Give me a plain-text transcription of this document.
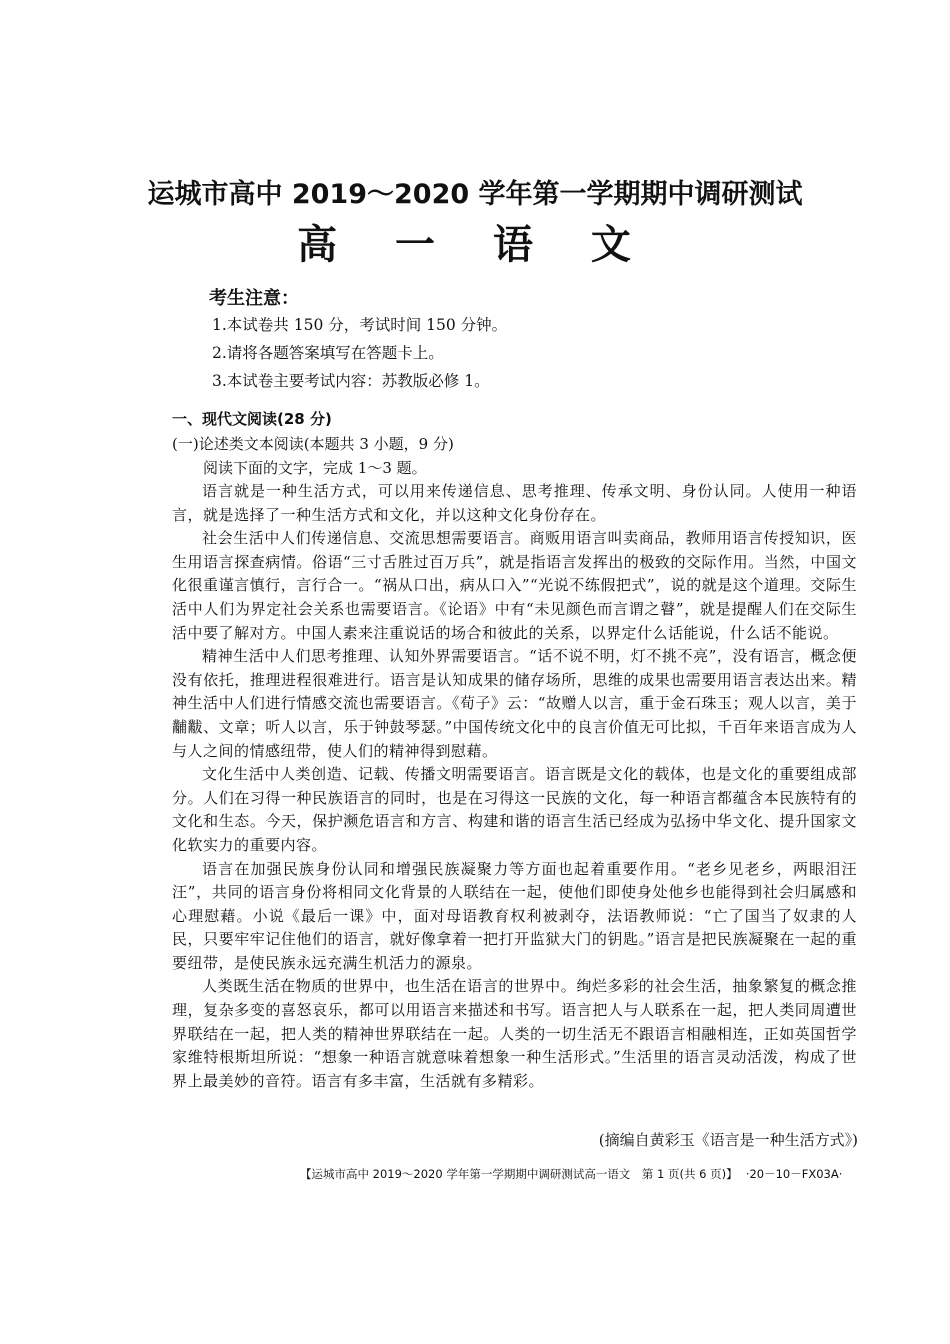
运城市高中 2019～2020 学年第一学期期中调研测试
高 一 语 文
考生注意：
1.本试卷共 150 分，考试时间 150 分钟。
2.请将各题答案填写在答题卡上。
3.本试卷主要考试内容：苏教版必修 1。
一、现代文阅读(28 分)
(一)论述类文本阅读(本题共 3 小题，9 分)
阅读下面的文字，完成 1～3 题。

语言就是一种生活方式，可以用来传递信息、思考推理、传承文明、身份认同。人使用一种语言，就是选择了一种生活方式和文化，并以这种文化身份存在。

社会生活中人们传递信息、交流思想需要语言。商贩用语言叫卖商品，教师用语言传授知识，医生用语言探查病情。俗语“三寸舌胜过百万兵”，就是指语言发挥出的极致的交际作用。当然，中国文化很重谨言慎行，言行合一。“祸从口出，病从口入”“光说不练假把式”，说的就是这个道理。交际生活中人们为界定社会关系也需要语言。《论语》中有“未见颜色而言谓之瞽”，就是提醒人们在交际生活中要了解对方。中国人素来注重说话的场合和彼此的关系，以界定什么话能说，什么话不能说。

精神生活中人们思考推理、认知外界需要语言。“话不说不明，灯不挑不亮”，没有语言，概念便没有依托，推理进程很难进行。语言是认知成果的储存场所，思维的成果也需要用语言表达出来。精神生活中人们进行情感交流也需要语言。《荀子》云：“故赠人以言，重于金石珠玉；观人以言，美于黼黻、文章；听人以言，乐于钟鼓琴瑟。”中国传统文化中的良言价值无可比拟，千百年来语言成为人与人之间的情感纽带，使人们的精神得到慰藉。

文化生活中人类创造、记载、传播文明需要语言。语言既是文化的载体，也是文化的重要组成部分。人们在习得一种民族语言的同时，也是在习得这一民族的文化，每一种语言都蕴含本民族特有的文化和生态。今天，保护濒危语言和方言、构建和谐的语言生活已经成为弘扬中华文化、提升国家文化软实力的重要内容。

语言在加强民族身份认同和增强民族凝聚力等方面也起着重要作用。“老乡见老乡，两眼泪汪汪”，共同的语言身份将相同文化背景的人联结在一起，使他们即使身处他乡也能得到社会归属感和心理慰藉。小说《最后一课》中，面对母语教育权利被剥夺，法语教师说：“亡了国当了奴隶的人民，只要牢牢记住他们的语言，就好像拿着一把打开监狱大门的钥匙。”语言是把民族凝聚在一起的重要纽带，是使民族永远充满生机活力的源泉。

人类既生活在物质的世界中，也生活在语言的世界中。绚烂多彩的社会生活，抽象繁复的概念推理，复杂多变的喜怒哀乐，都可以用语言来描述和书写。语言把人与人联系在一起，把人类同周遭世界联结在一起，把人类的精神世界联结在一起。人类的一切生活无不跟语言相融相连，正如英国哲学家维特根斯坦所说：“想象一种语言就意味着想象一种生活形式。”生活里的语言灵动活泼，构成了世界上最美妙的音符。语言有多丰富，生活就有多精彩。

(摘编自黄彩玉《语言是一种生活方式》)
【运城市高中 2019～2020 学年第一学期期中调研测试高一语文　第 1 页(共 6 页)】 ·20－10－FX03A·
